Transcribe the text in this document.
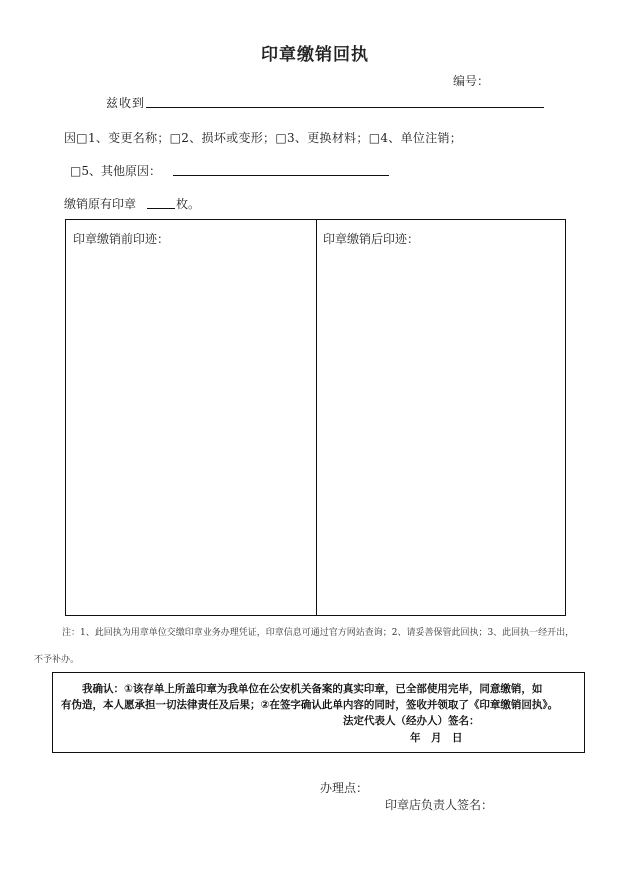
印章缴销回执
编号：
兹收到
因□1、变更名称；□2、损坏或变形；□3、更换材料；□4、单位注销；
□5、其他原因：
缴销原有印章	枚。
印章缴销前印迹：	印章缴销后印迹：
注：1、此回执为用章单位交缴印章业务办理凭证，印章信息可通过官方网站查询；2、请妥善保管此回执；3、此回执一经开出，
不予补办。
我确认：①该存单上所盖印章为我单位在公安机关备案的真实印章，已全部使用完毕，同意缴销，如
有伪造，本人愿承担一切法律责任及后果；②在签字确认此单内容的同时，签收并领取了《印章缴销回执》。
法定代表人（经办人）签名：
年　月　日
办理点：
印章店负责人签名：
